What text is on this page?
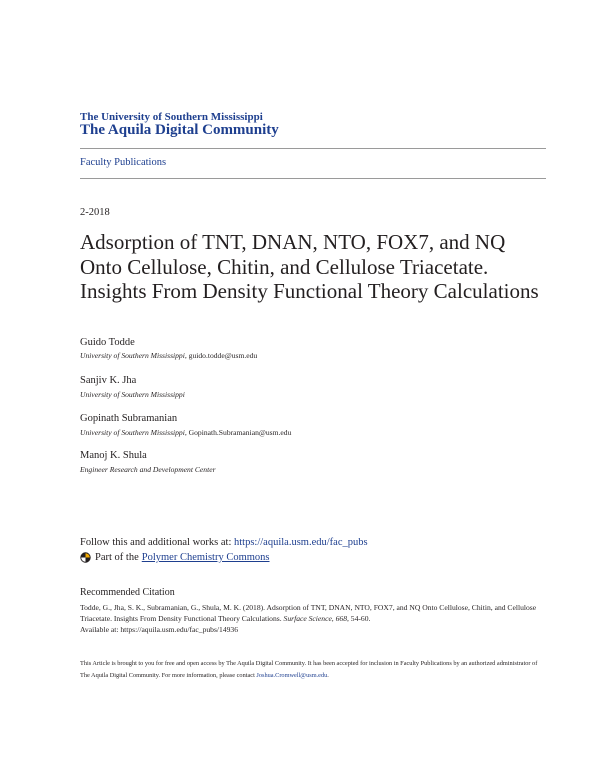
The University of Southern Mississippi
The Aquila Digital Community
Faculty Publications
2-2018
Adsorption of TNT, DNAN, NTO, FOX7, and NQ Onto Cellulose, Chitin, and Cellulose Triacetate. Insights From Density Functional Theory Calculations
Guido Todde
University of Southern Mississippi, guido.todde@usm.edu
Sanjiv K. Jha
University of Southern Mississippi
Gopinath Subramanian
University of Southern Mississippi, Gopinath.Subramanian@usm.edu
Manoj K. Shula
Engineer Research and Development Center
Follow this and additional works at: https://aquila.usm.edu/fac_pubs
Part of the Polymer Chemistry Commons
Recommended Citation
Todde, G., Jha, S. K., Subramanian, G., Shula, M. K. (2018). Adsorption of TNT, DNAN, NTO, FOX7, and NQ Onto Cellulose, Chitin, and Cellulose Triacetate. Insights From Density Functional Theory Calculations. Surface Science, 668, 54-60.
Available at: https://aquila.usm.edu/fac_pubs/14936
This Article is brought to you for free and open access by The Aquila Digital Community. It has been accepted for inclusion in Faculty Publications by an authorized administrator of The Aquila Digital Community. For more information, please contact Joshua.Cromwell@usm.edu.
